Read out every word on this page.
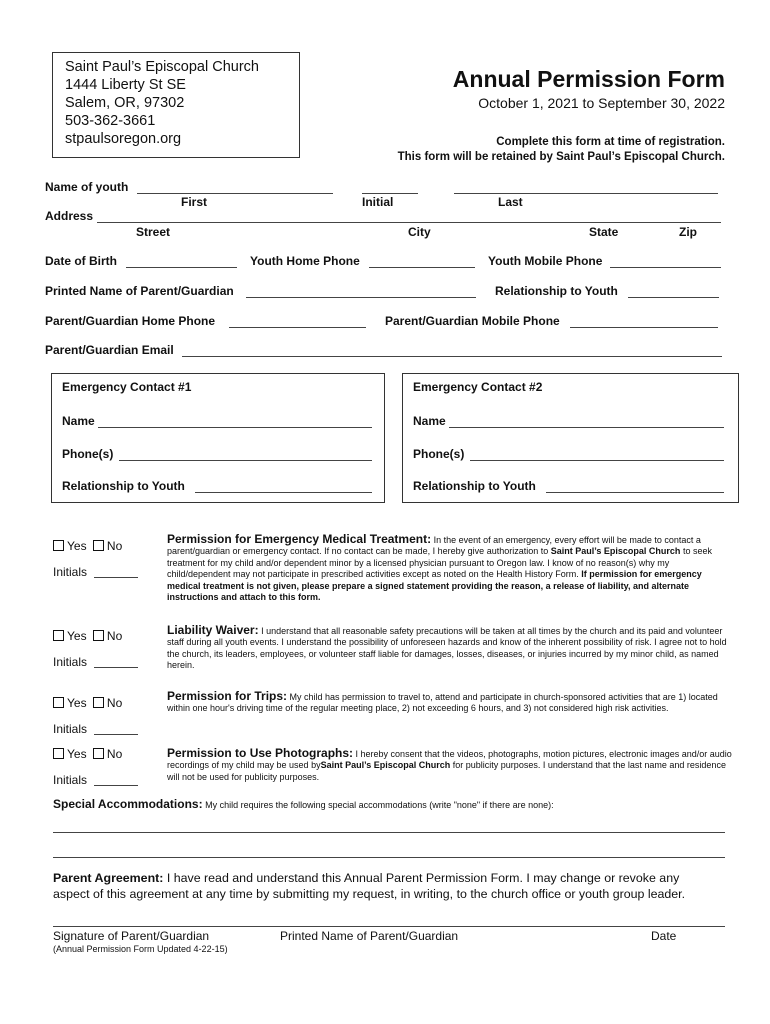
Saint Paul’s Episcopal Church
1444 Liberty St SE
Salem, OR, 97302
503-362-3661
stpaulsoregon.org
Annual Permission Form
October 1, 2021 to September 30, 2022
Complete this form at time of registration.
This form will be retained by Saint Paul’s Episcopal Church.
Name of youth
First	Initial	Last
Address
Street	City	State	Zip
Date of Birth	Youth Home Phone	Youth Mobile Phone
Printed Name of Parent/Guardian	Relationship to Youth
Parent/Guardian Home Phone	Parent/Guardian Mobile Phone
Parent/Guardian Email
Emergency Contact #1
Name
Phone(s)
Relationship to Youth
Emergency Contact #2
Name
Phone(s)
Relationship to Youth
Yes No
Initials
Permission for Emergency Medical Treatment: In the event of an emergency, every effort will be made to contact a parent/guardian or emergency contact. If no contact can be made, I hereby give authorization to Saint Paul’s Episcopal Church to seek treatment for my child and/or dependent minor by a licensed physician pursuant to Oregon law. I know of no reason(s) why my child/dependent may not participate in prescribed activities except as noted on the Health History Form. If permission for emergency medical treatment is not given, please prepare a signed statement providing the reason, a release of liability, and alternate instructions and attach to this form.
Yes No
Initials
Liability Waiver: I understand that all reasonable safety precautions will be taken at all times by the church and its paid and volunteer staff during all youth events. I understand the possibility of unforeseen hazards and know of the inherent possibility of risk. I agree not to hold the church, its leaders, employees, or volunteer staff liable for damages, losses, diseases, or injuries incurred by my minor child, as named herein.
Yes No
Initials
Permission for Trips: My child has permission to travel to, attend and participate in church-sponsored activities that are 1) located within one hour's driving time of the regular meeting place, 2) not exceeding 6 hours, and 3) not considered high risk activities.
Yes No
Initials
Permission to Use Photographs: I hereby consent that the videos, photographs, motion pictures, electronic images and/or audio recordings of my child may be used bySaint Paul’s Episcopal Church for publicity purposes. I understand that the last name and residence will not be used for publicity purposes.
Special Accommodations: My child requires the following special accommodations (write "none" if there are none):
Parent Agreement: I have read and understand this Annual Parent Permission Form. I may change or revoke any aspect of this agreement at any time by submitting my request, in writing, to the church office or youth group leader.
Signature of Parent/Guardian	Printed Name of Parent/Guardian	Date
(Annual Permission Form Updated 4-22-15)
